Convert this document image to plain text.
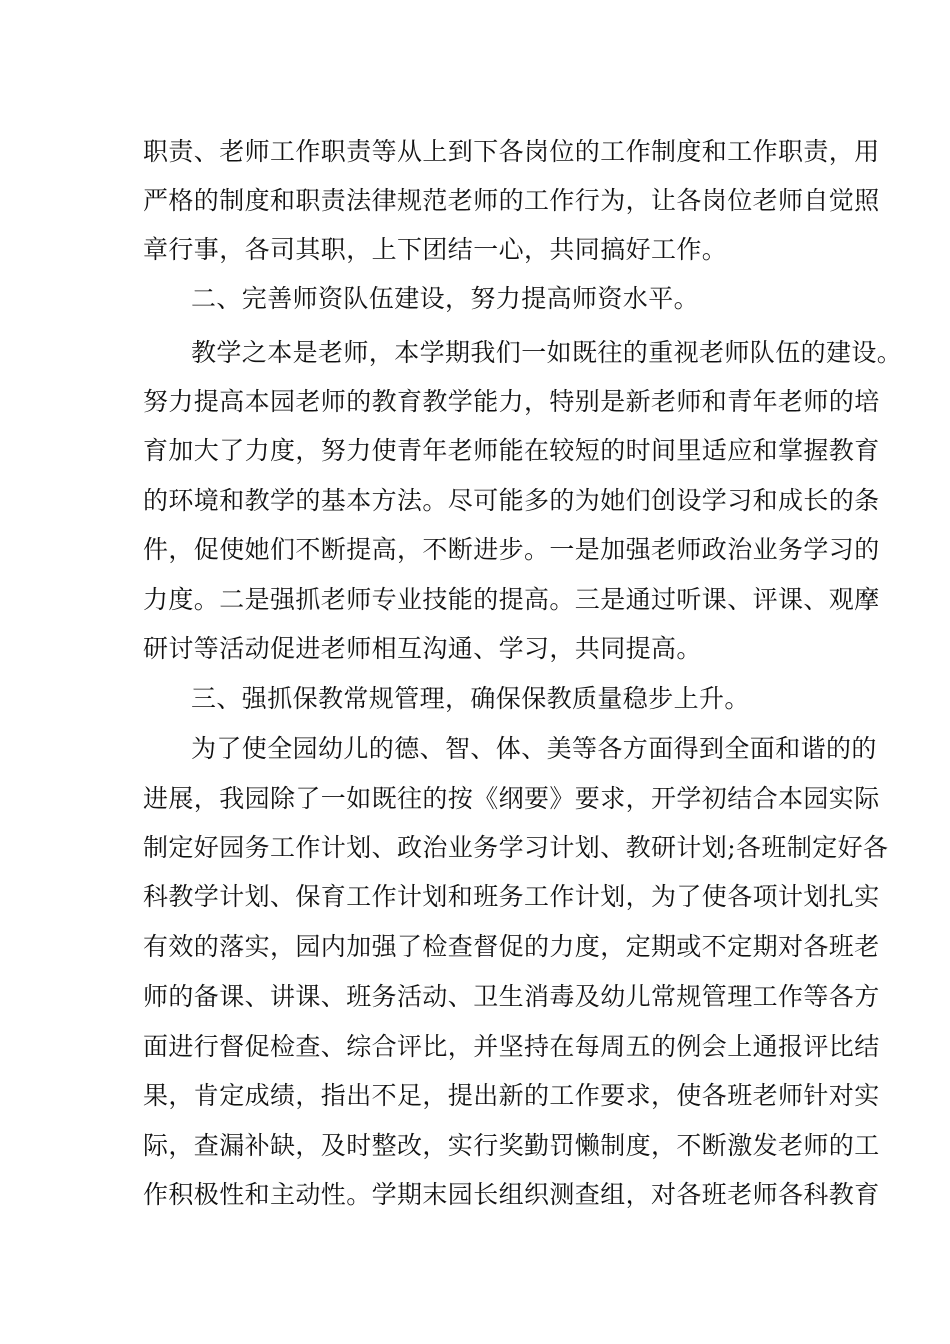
职责、老师工作职责等从上到下各岗位的工作制度和工作职责，用
严格的制度和职责法律规范老师的工作行为，让各岗位老师自觉照
章行事，各司其职，上下团结一心，共同搞好工作。
二、完善师资队伍建设，努力提高师资水平。
教学之本是老师，本学期我们一如既往的重视老师队伍的建设。
努力提高本园老师的教育教学能力，特别是新老师和青年老师的培
育加大了力度，努力使青年老师能在较短的时间里适应和掌握教育
的环境和教学的基本方法。尽可能多的为她们创设学习和成长的条
件，促使她们不断提高，不断进步。一是加强老师政治业务学习的
力度。二是强抓老师专业技能的提高。三是通过听课、评课、观摩
研讨等活动促进老师相互沟通、学习，共同提高。
三、强抓保教常规管理，确保保教质量稳步上升。
为了使全园幼儿的德、智、体、美等各方面得到全面和谐的的
进展，我园除了一如既往的按《纲要》要求，开学初结合本园实际
制定好园务工作计划、政治业务学习计划、教研计划;各班制定好各
科教学计划、保育工作计划和班务工作计划，为了使各项计划扎实
有效的落实，园内加强了检查督促的力度，定期或不定期对各班老
师的备课、讲课、班务活动、卫生消毒及幼儿常规管理工作等各方
面进行督促检查、综合评比，并坚持在每周五的例会上通报评比结
果，肯定成绩，指出不足，提出新的工作要求，使各班老师针对实
际，查漏补缺，及时整改，实行奖勤罚懒制度，不断激发老师的工
作积极性和主动性。学期末园长组织测查组，对各班老师各科教育
